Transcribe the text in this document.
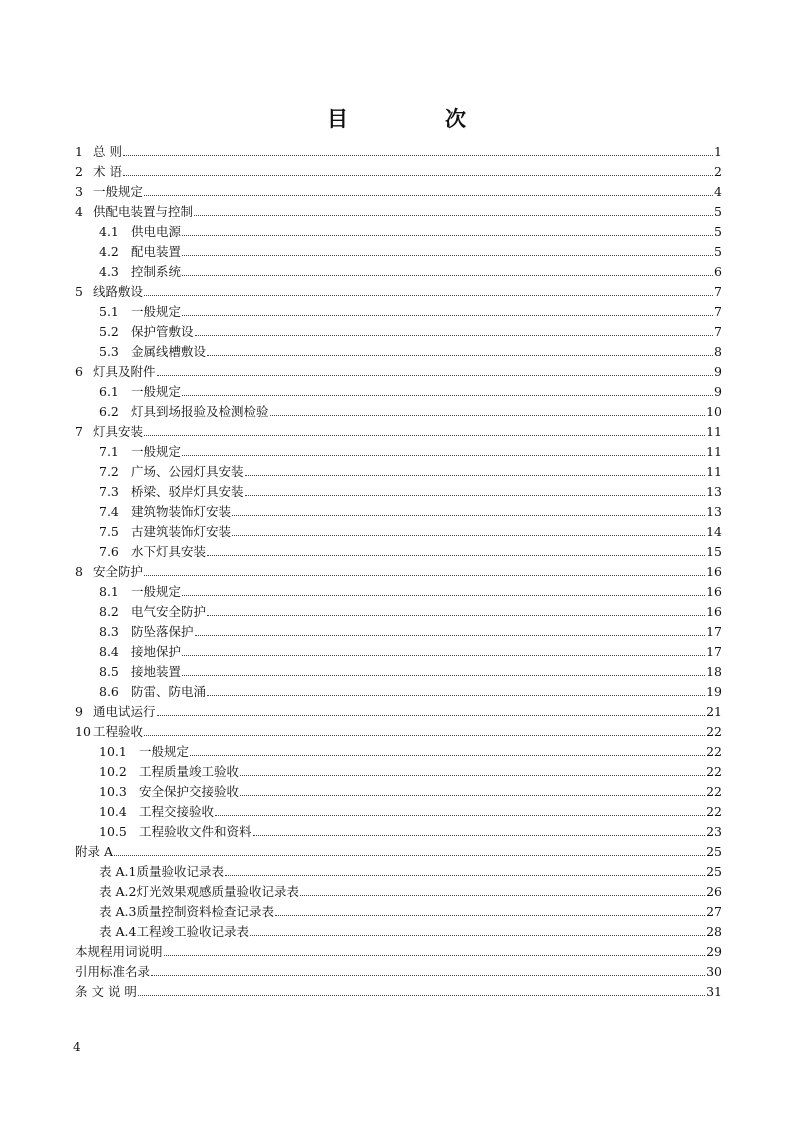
目　次
1 总 则	1
2 术 语	2
3 一般规定	4
4 供配电装置与控制	5
4.1 供电电源	5
4.2 配电装置	5
4.3 控制系统	6
5 线路敷设	7
5.1 一般规定	7
5.2 保护管敷设	7
5.3 金属线槽敷设	8
6 灯具及附件	9
6.1 一般规定	9
6.2 灯具到场报验及检测检验	10
7 灯具安装	11
7.1 一般规定	11
7.2 广场、公园灯具安装	11
7.3 桥梁、驳岸灯具安装	13
7.4 建筑物装饰灯安装	13
7.5 古建筑装饰灯安装	14
7.6 水下灯具安装	15
8 安全防护	16
8.1 一般规定	16
8.2 电气安全防护	16
8.3 防坠落保护	17
8.4 接地保护	17
8.5 接地装置	18
8.6 防雷、防电涌	19
9 通电试运行	21
10 工程验收	22
10.1 一般规定	22
10.2 工程质量竣工验收	22
10.3 安全保护交接验收	22
10.4 工程交接验收	22
10.5 工程验收文件和资料	23
附录 A	25
表 A.1 质量验收记录表	25
表 A.2 灯光效果观感质量验收记录表	26
表 A.3 质量控制资料检查记录表	27
表 A.4 工程竣工验收记录表	28
本规程用词说明	29
引用标准名录	30
条 文 说 明	31
4
